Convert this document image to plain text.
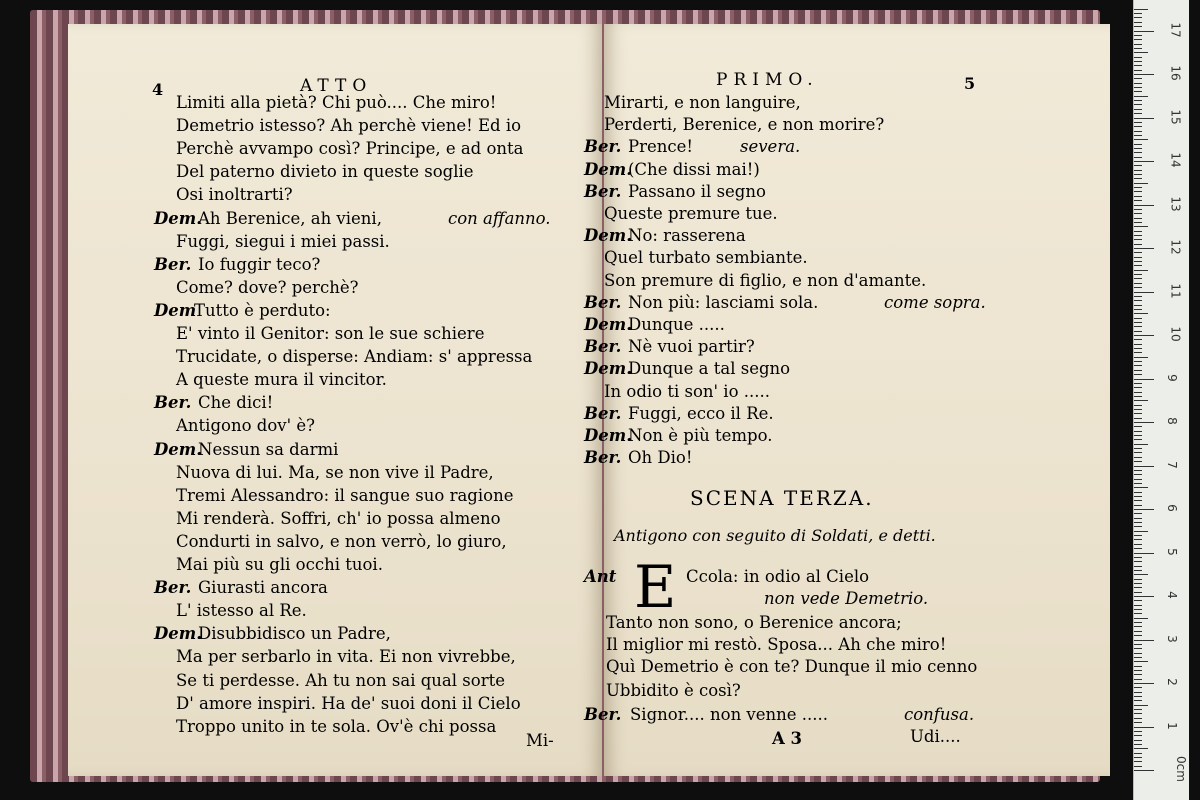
4	ATTO	PRIMO.	5
Limiti alla pietà? Chi può.... Che miro!
Demetrio istesso? Ah perchè viene! Ed io
Perchè avvampo così? Principe, e ad onta
Del paterno divieto in queste soglie
Osi inoltrarti?
Dem.
Ah Berenice, ah vieni,	con affanno.
Fuggi, siegui i miei passi.
Ber. Io fuggir teco?
Come? dove? perchè?
Dem
Tutto è perduto:
E' vinto il Genitor: son le sue schiere
Trucidate, o disperse: Andiam: s' appressa
A queste mura il vincitor.
Ber. Che dici!
Antigono dov' è?
Dem.
Nessun sa darmi
Nuova di lui. Ma, se non vive il Padre,
Tremi Alessandro: il sangue suo ragione
Mi renderà. Soffri, ch' io possa almeno
Condurti in salvo, e non verrò, lo giuro,
Mai più su gli occhi tuoi.
Ber. Giurasti ancora
L' istesso al Re.
Dem.
Disubbidisco un Padre,
Ma per serbarlo in vita. Ei non vivrebbe,
Se ti perdesse. Ah tu non sai qual sorte
D' amore inspiri. Ha de' suoi doni il Cielo
Troppo unito in te sola. Ov'è chi possa
Mi-
Mirarti, e non languire,
Perderti, Berenice, e non morire?
Ber. Prence!	severa.
Dem.
(Che dissi mai!)
Ber. Passano il segno
Queste premure tue.
Dem.
No: rasserena
Quel turbato sembiante.
Son premure di figlio, e non d'amante.
Ber. Non più: lasciami sola.	come sopra.
Dem.
Dunque .....
Ber. Nè vuoi partir?
Dem.
Dunque a tal segno
In odio ti son' io .....
Ber. Fuggi, ecco il Re.
Dem.
Non è più tempo.
Ber. Oh Dio!
SCENA TERZA.
Antigono con seguito di Soldati, e detti.
E
Ant	Ccola: in odio al Cielo
non vede Demetrio.
Tanto non sono, o Berenice ancora;
Il miglior mi restò. Sposa... Ah che miro!
Quì Demetrio è con te? Dunque il mio cenno
Ubbidito è così?
Ber. Signor.... non venne .....	confusa.
A 3	Udi....
0cm
1
2
3
4
5
6
7
8
9
10
11
12
13
14
15
16
17
